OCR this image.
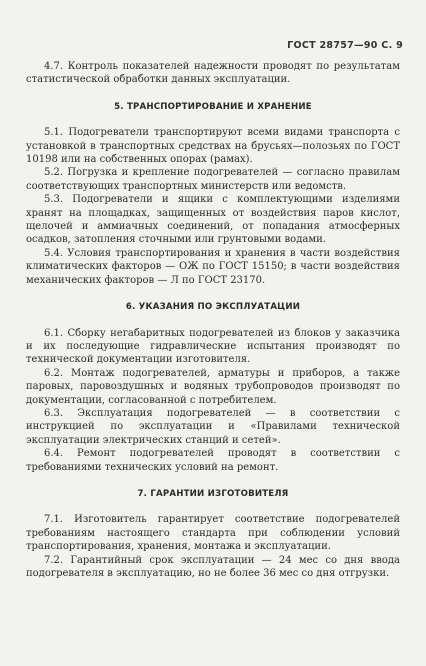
ГОСТ 28757—90 С. 9

4.7. Контроль показателей надежности проводят по результатам статистической обработки данных эксплуатации.

5. ТРАНСПОРТИРОВАНИЕ И ХРАНЕНИЕ

5.1. Подогреватели транспортируют всеми видами транспорта с установкой в транспортных средствах на брусьях—полозьях по ГОСТ 10198 или на собственных опорах (рамах).

5.2. Погрузка и крепление подогревателей — согласно правилам соответствующих транспортных министерств или ведомств.

5.3. Подогреватели и ящики с комплектующими изделиями хранят на площадках, защищенных от воздействия паров кислот, щелочей и аммиачных соединений, от попадания атмосферных осадков, затопления сточными или грунтовыми водами.

5.4. Условия транспортирования и хранения в части воздействия климатических факторов — ОЖ по ГОСТ 15150; в части воздействия механических факторов — Л по ГОСТ 23170.

6. УКАЗАНИЯ ПО ЭКСПЛУАТАЦИИ

6.1. Сборку негабаритных подогревателей из блоков у заказчика и их последующие гидравлические испытания производят по технической документации изготовителя.

6.2. Монтаж подогревателей, арматуры и приборов, а также паровых, паровоздушных и водяных трубопроводов производят по документации, согласованной с потребителем.

6.3. Эксплуатация подогревателей — в соответствии с инструкцией по эксплуатации и «Правилами технической эксплуатации электрических станций и сетей».

6.4. Ремонт подогревателей проводят в соответствии с требованиями технических условий на ремонт.

7. ГАРАНТИИ ИЗГОТОВИТЕЛЯ

7.1. Изготовитель гарантирует соответствие подогревателей требованиям настоящего стандарта при соблюдении условий транспортирования, хранения, монтажа и эксплуатации.

7.2. Гарантийный срок эксплуатации — 24 мес со дня ввода подогревателя в эксплуатацию, но не более 36 мес со дня отгрузки.
